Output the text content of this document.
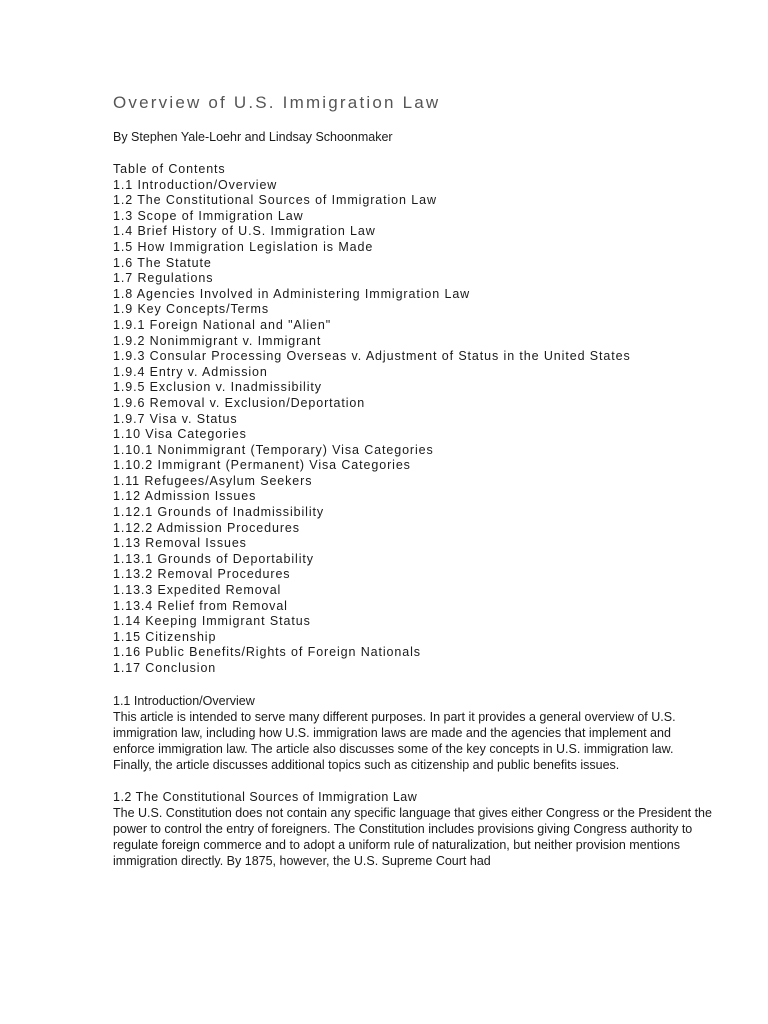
Overview of U.S. Immigration Law
By Stephen Yale-Loehr and Lindsay Schoonmaker
Table of Contents
1.1 Introduction/Overview
1.2 The Constitutional Sources of Immigration Law
1.3 Scope of Immigration Law
1.4 Brief History of U.S. Immigration Law
1.5 How Immigration Legislation is Made
1.6 The Statute
1.7 Regulations
1.8 Agencies Involved in Administering Immigration Law
1.9 Key Concepts/Terms
1.9.1 Foreign National and "Alien"
1.9.2 Nonimmigrant v. Immigrant
1.9.3 Consular Processing Overseas v. Adjustment of Status in the United States
1.9.4 Entry v. Admission
1.9.5 Exclusion v. Inadmissibility
1.9.6 Removal v. Exclusion/Deportation
1.9.7 Visa v. Status
1.10 Visa Categories
1.10.1 Nonimmigrant (Temporary) Visa Categories
1.10.2 Immigrant (Permanent) Visa Categories
1.11 Refugees/Asylum Seekers
1.12 Admission Issues
1.12.1 Grounds of Inadmissibility
1.12.2 Admission Procedures
1.13 Removal Issues
1.13.1 Grounds of Deportability
1.13.2 Removal Procedures
1.13.3 Expedited Removal
1.13.4 Relief from Removal
1.14 Keeping Immigrant Status
1.15 Citizenship
1.16 Public Benefits/Rights of Foreign Nationals
1.17 Conclusion
1.1 Introduction/Overview
This article is intended to serve many different purposes. In part it provides a general overview of U.S. immigration law, including how U.S. immigration laws are made and the agencies that implement and enforce immigration law. The article also discusses some of the key concepts in U.S. immigration law. Finally, the article discusses additional topics such as citizenship and public benefits issues.
1.2 The Constitutional Sources of Immigration Law
The U.S. Constitution does not contain any specific language that gives either Congress or the President the power to control the entry of foreigners. The Constitution includes provisions giving Congress authority to regulate foreign commerce and to adopt a uniform rule of naturalization, but neither provision mentions immigration directly. By 1875, however, the U.S. Supreme Court had
